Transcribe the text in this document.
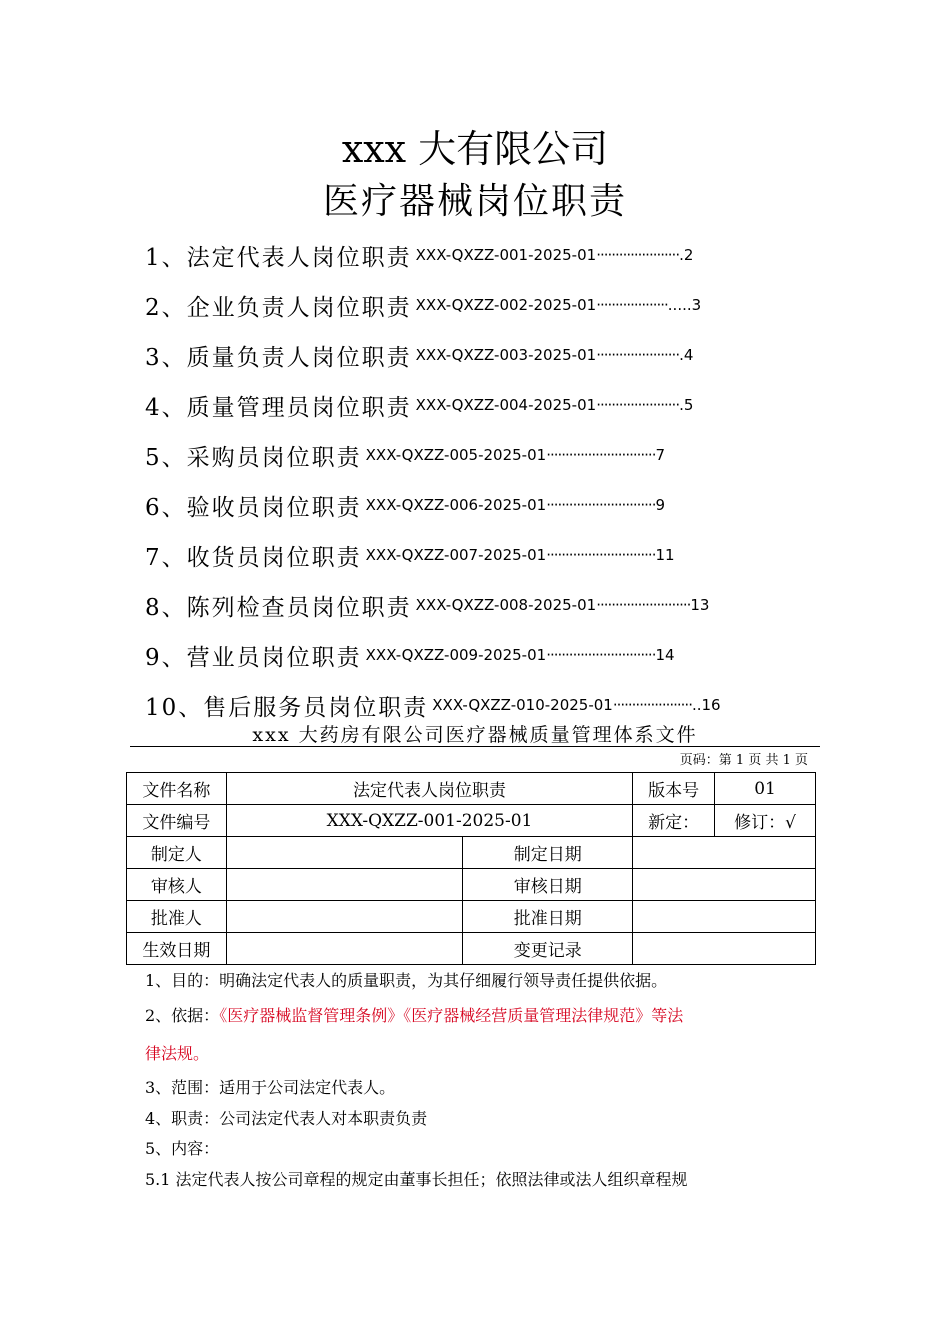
xxx 大有限公司
医疗器械岗位职责
1、法定代表人岗位职责 XXX-QXZZ-001-2025-01 ······················ .2
2、企业负责人岗位职责 XXX-QXZZ-002-2025-01 ··················· .....3
3、质量负责人岗位职责 XXX-QXZZ-003-2025-01 ······················ .4
4、质量管理员岗位职责 XXX-QXZZ-004-2025-01 ······················ .5
5、采购员岗位职责 XXX-QXZZ-005-2025-01 ····························· 7
6、验收员岗位职责 XXX-QXZZ-006-2025-01 ····························· 9
7、收货员岗位职责 XXX-QXZZ-007-2025-01 ····························· 11
8、陈列检查员岗位职责 XXX-QXZZ-008-2025-01 ························· 13
9、营业员岗位职责 XXX-QXZZ-009-2025-01 ····························· 14
10、售后服务员岗位职责 XXX-QXZZ-010-2025-01 ····················· ..16
xxx 大药房有限公司医疗器械质量管理体系文件
页码：第 1 页 共 1 页
文件名称	法定代表人岗位职责		版本号	01
文件编号	XXX-QXZZ-001-2025-01		新定：	修订：√
制定人		制定日期		
审核人		审核日期		
批准人		批准日期		
生效日期		变更记录		
1、目的：明确法定代表人的质量职责，为其仔细履行领导责任提供依据。
2、依据：《医疗器械监督管理条例》《医疗器械经营质量管理法律规范》等法
律法规。
3、范围：适用于公司法定代表人。
4、职责：公司法定代表人对本职责负责
5、内容：
5.1 法定代表人按公司章程的规定由董事长担任；依照法律或法人组织章程规
